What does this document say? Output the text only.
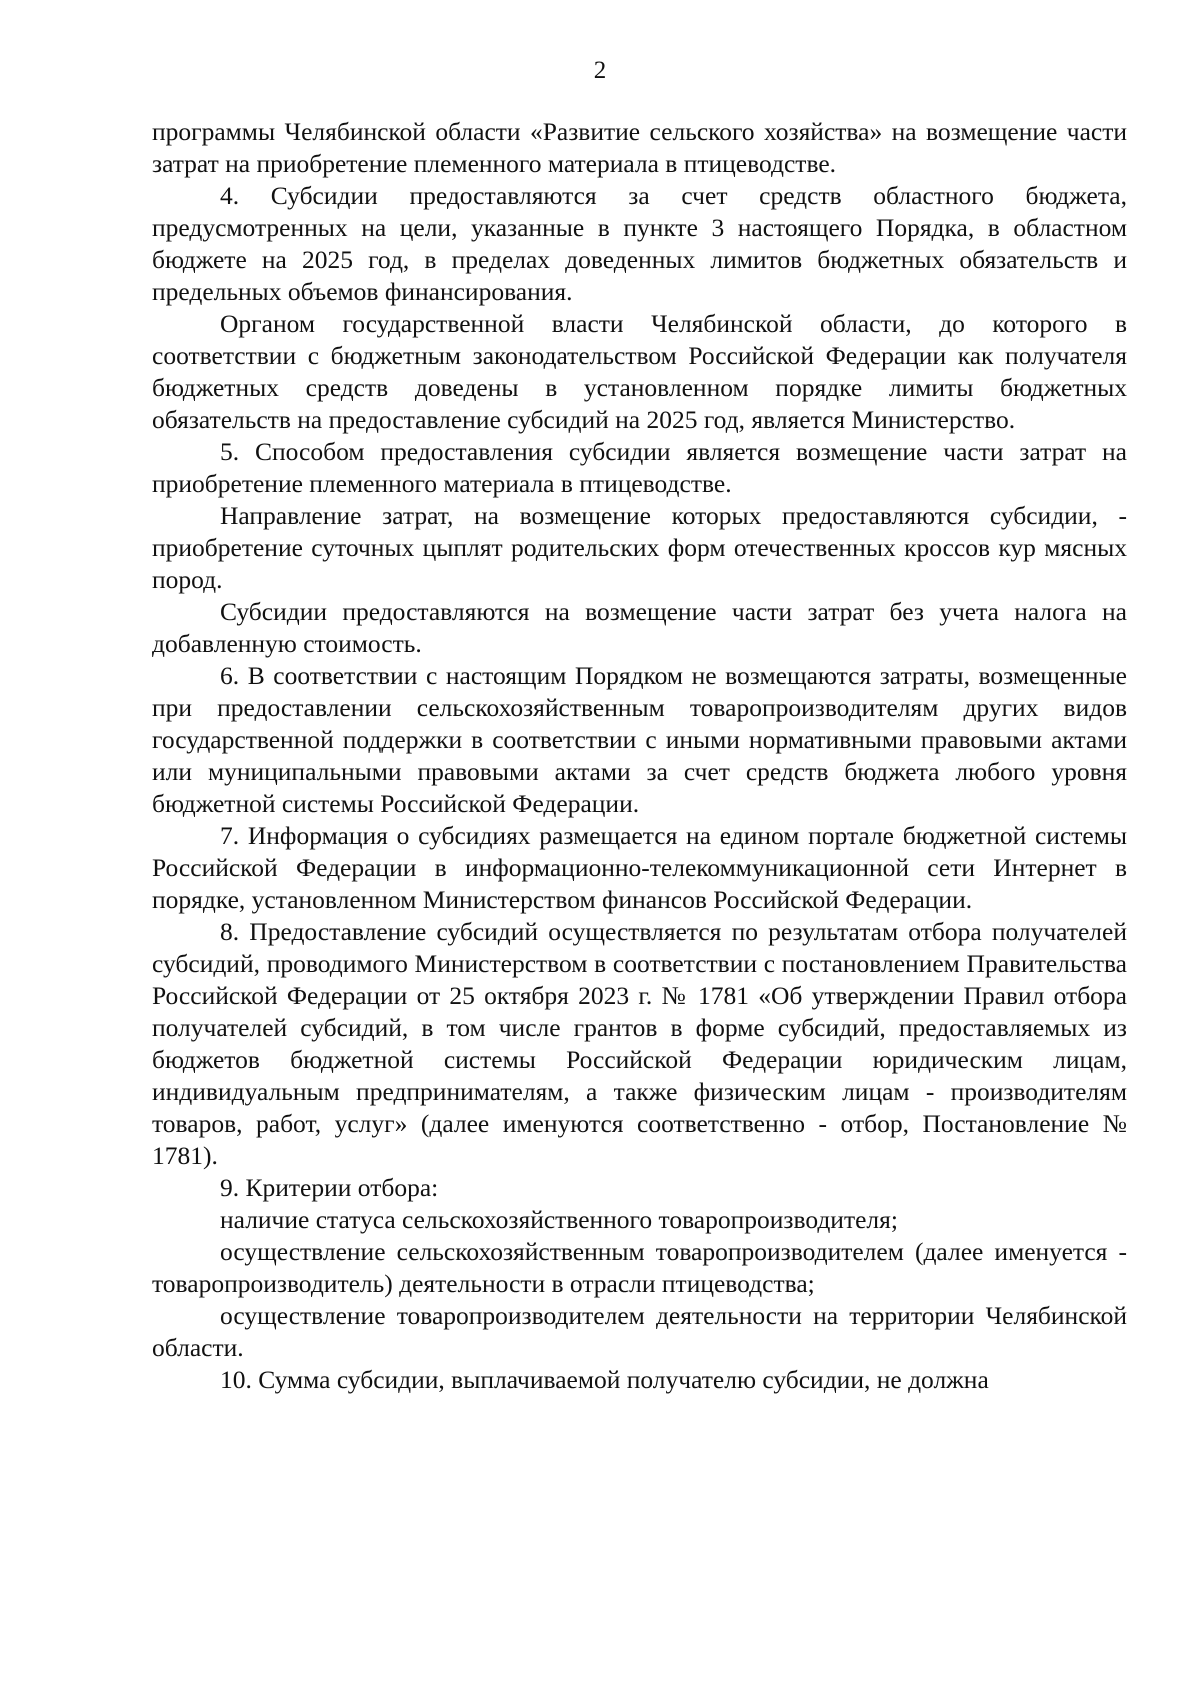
2

программы Челябинской области «Развитие сельского хозяйства» на возмещение части затрат на приобретение племенного материала в птицеводстве.

4. Субсидии предоставляются за счет средств областного бюджета, предусмотренных на цели, указанные в пункте 3 настоящего Порядка, в областном бюджете на 2025 год, в пределах доведенных лимитов бюджетных обязательств и предельных объемов финансирования.

Органом государственной власти Челябинской области, до которого в соответствии с бюджетным законодательством Российской Федерации как получателя бюджетных средств доведены в установленном порядке лимиты бюджетных обязательств на предоставление субсидий на 2025 год, является Министерство.

5. Способом предоставления субсидии является возмещение части затрат на приобретение племенного материала в птицеводстве.

Направление затрат, на возмещение которых предоставляются субсидии, - приобретение суточных цыплят родительских форм отечественных кроссов кур мясных пород.

Субсидии предоставляются на возмещение части затрат без учета налога на добавленную стоимость.

6. В соответствии с настоящим Порядком не возмещаются затраты, возмещенные при предоставлении сельскохозяйственным товаропроизводителям других видов государственной поддержки в соответствии с иными нормативными правовыми актами или муниципальными правовыми актами за счет средств бюджета любого уровня бюджетной системы Российской Федерации.

7. Информация о субсидиях размещается на едином портале бюджетной системы Российской Федерации в информационно-телекоммуникационной сети Интернет в порядке, установленном Министерством финансов Российской Федерации.

8. Предоставление субсидий осуществляется по результатам отбора получателей субсидий, проводимого Министерством в соответствии с постановлением Правительства Российской Федерации от 25 октября 2023 г. № 1781 «Об утверждении Правил отбора получателей субсидий, в том числе грантов в форме субсидий, предоставляемых из бюджетов бюджетной системы Российской Федерации юридическим лицам, индивидуальным предпринимателям, а также физическим лицам - производителям товаров, работ, услуг» (далее именуются соответственно - отбор, Постановление № 1781).

9. Критерии отбора:

наличие статуса сельскохозяйственного товаропроизводителя;

осуществление сельскохозяйственным товаропроизводителем (далее именуется - товаропроизводитель) деятельности в отрасли птицеводства;

осуществление товаропроизводителем деятельности на территории Челябинской области.

10. Сумма субсидии, выплачиваемой получателю субсидии, не должна
